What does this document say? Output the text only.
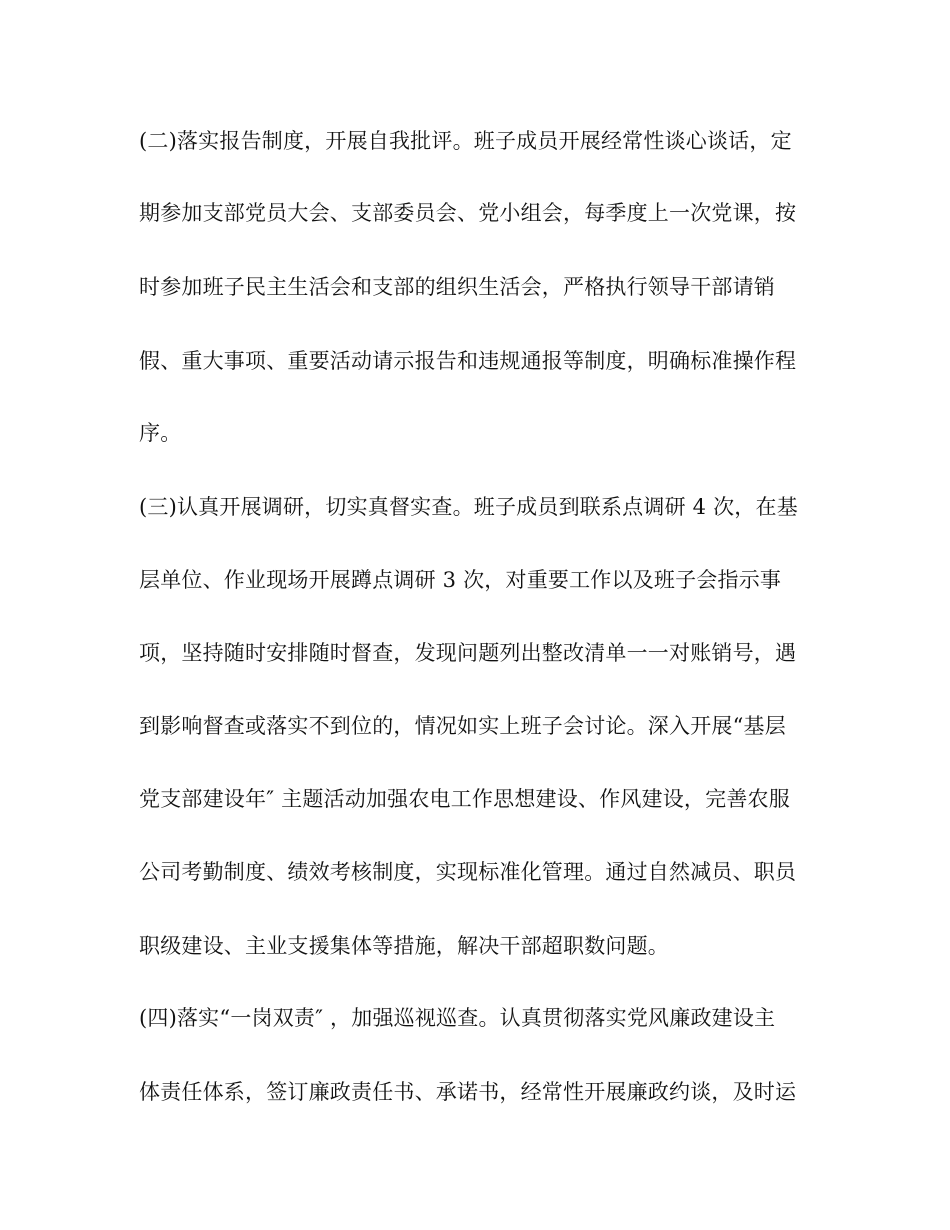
(二)落实报告制度，开展自我批评。班子成员开展经常性谈心谈话，定

期参加支部党员大会、支部委员会、党小组会，每季度上一次党课，按

时参加班子民主生活会和支部的组织生活会，严格执行领导干部请销

假、重大事项、重要活动请示报告和违规通报等制度，明确标准操作程

序。

(三)认真开展调研，切实真督实查。班子成员到联系点调研 4 次，在基

层单位、作业现场开展蹲点调研 3 次，对重要工作以及班子会指示事

项，坚持随时安排随时督查，发现问题列出整改清单一一对账销号，遇

到影响督查或落实不到位的，情况如实上班子会讨论。深入开展“基层

党支部建设年″ 主题活动加强农电工作思想建设、作风建设，完善农服

公司考勤制度、绩效考核制度，实现标准化管理。通过自然减员、职员

职级建设、主业支援集体等措施，解决干部超职数问题。

(四)落实“一岗双责″ ，加强巡视巡查。认真贯彻落实党风廉政建设主

体责任体系，签订廉政责任书、承诺书，经常性开展廉政约谈，及时运
